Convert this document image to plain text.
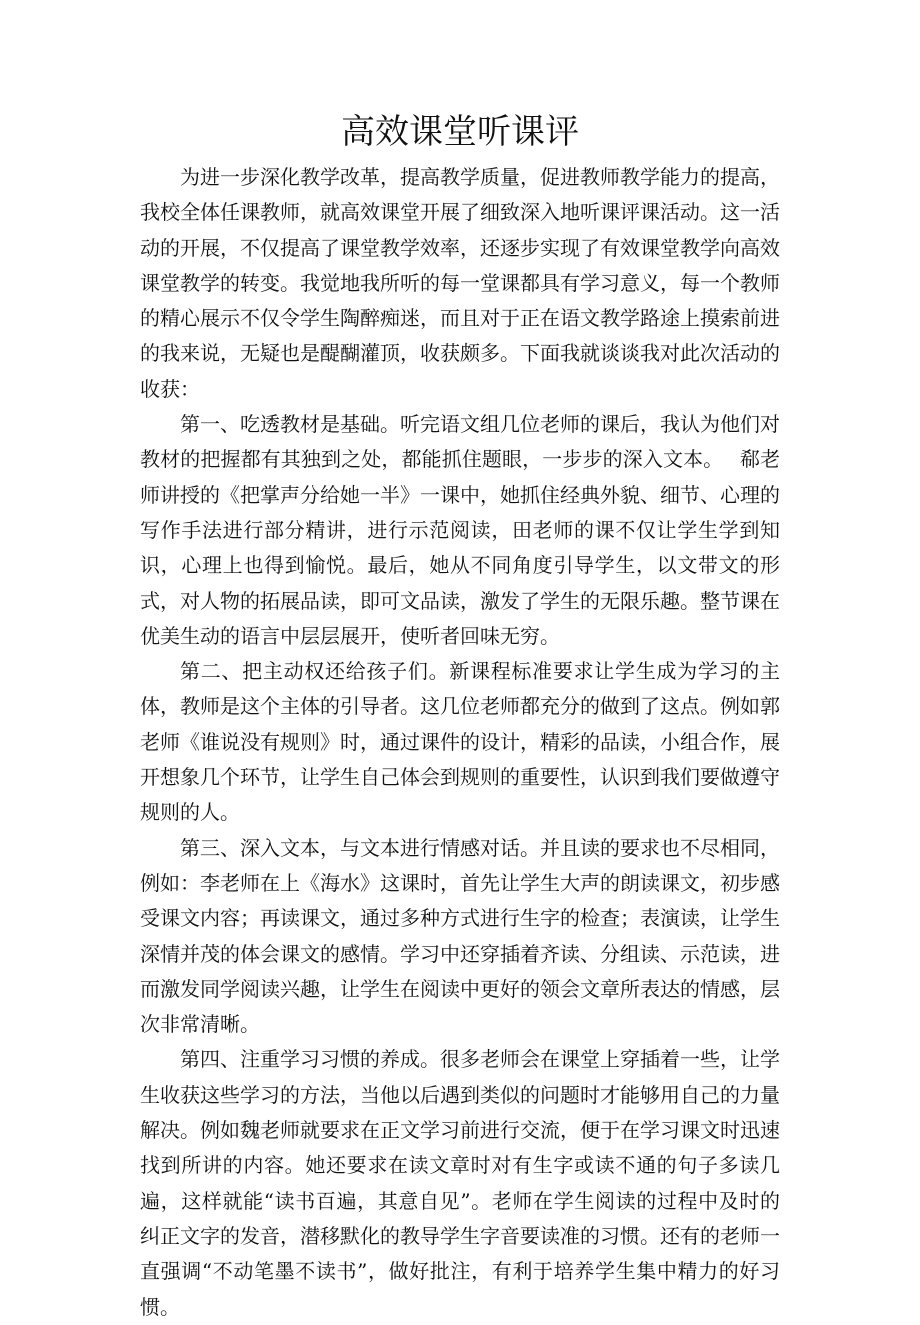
高效课堂听课评

为进一步深化教学改革，提高教学质量，促进教师教学能力的提高，我校全体任课教师，就高效课堂开展了细致深入地听课评课活动。这一活动的开展，不仅提高了课堂教学效率，还逐步实现了有效课堂教学向高效课堂教学的转变。我觉地我所听的每一堂课都具有学习意义，每一个教师的精心展示不仅令学生陶醉痴迷，而且对于正在语文教学路途上摸索前进的我来说，无疑也是醍醐灌顶，收获颇多。下面我就谈谈我对此次活动的收获：

第一、吃透教材是基础。听完语文组几位老师的课后，我认为他们对教材的把握都有其独到之处，都能抓住题眼，一步步的深入文本。　 郗老师讲授的《把掌声分给她一半》一课中，她抓住经典外貌、细节、心理的写作手法进行部分精讲，进行示范阅读，田老师的课不仅让学生学到知识，心理上也得到愉悦。最后，她从不同角度引导学生，以文带文的形式，对人物的拓展品读，即可文品读，激发了学生的无限乐趣。整节课在优美生动的语言中层层展开，使听者回味无穷。

第二、把主动权还给孩子们。新课程标准要求让学生成为学习的主体，教师是这个主体的引导者。这几位老师都充分的做到了这点。例如郭老师《谁说没有规则》时，通过课件的设计，精彩的品读，小组合作，展开想象几个环节，让学生自己体会到规则的重要性，认识到我们要做遵守规则的人。

第三、深入文本，与文本进行情感对话。并且读的要求也不尽相同，例如：李老师在上《海水》这课时，首先让学生大声的朗读课文，初步感受课文内容；再读课文，通过多种方式进行生字的检查；表演读，让学生深情并茂的体会课文的感情。学习中还穿插着齐读、分组读、示范读，进而激发同学阅读兴趣，让学生在阅读中更好的领会文章所表达的情感，层次非常清晰。

第四、注重学习习惯的养成。很多老师会在课堂上穿插着一些，让学生收获这些学习的方法，当他以后遇到类似的问题时才能够用自己的力量解决。例如魏老师就要求在正文学习前进行交流，便于在学习课文时迅速找到所讲的内容。她还要求在读文章时对有生字或读不通的句子多读几遍，这样就能“读书百遍，其意自见”。老师在学生阅读的过程中及时的纠正文字的发音，潜移默化的教导学生字音要读准的习惯。还有的老师一直强调“不动笔墨不读书”，做好批注，有利于培养学生集中精力的好习惯。
